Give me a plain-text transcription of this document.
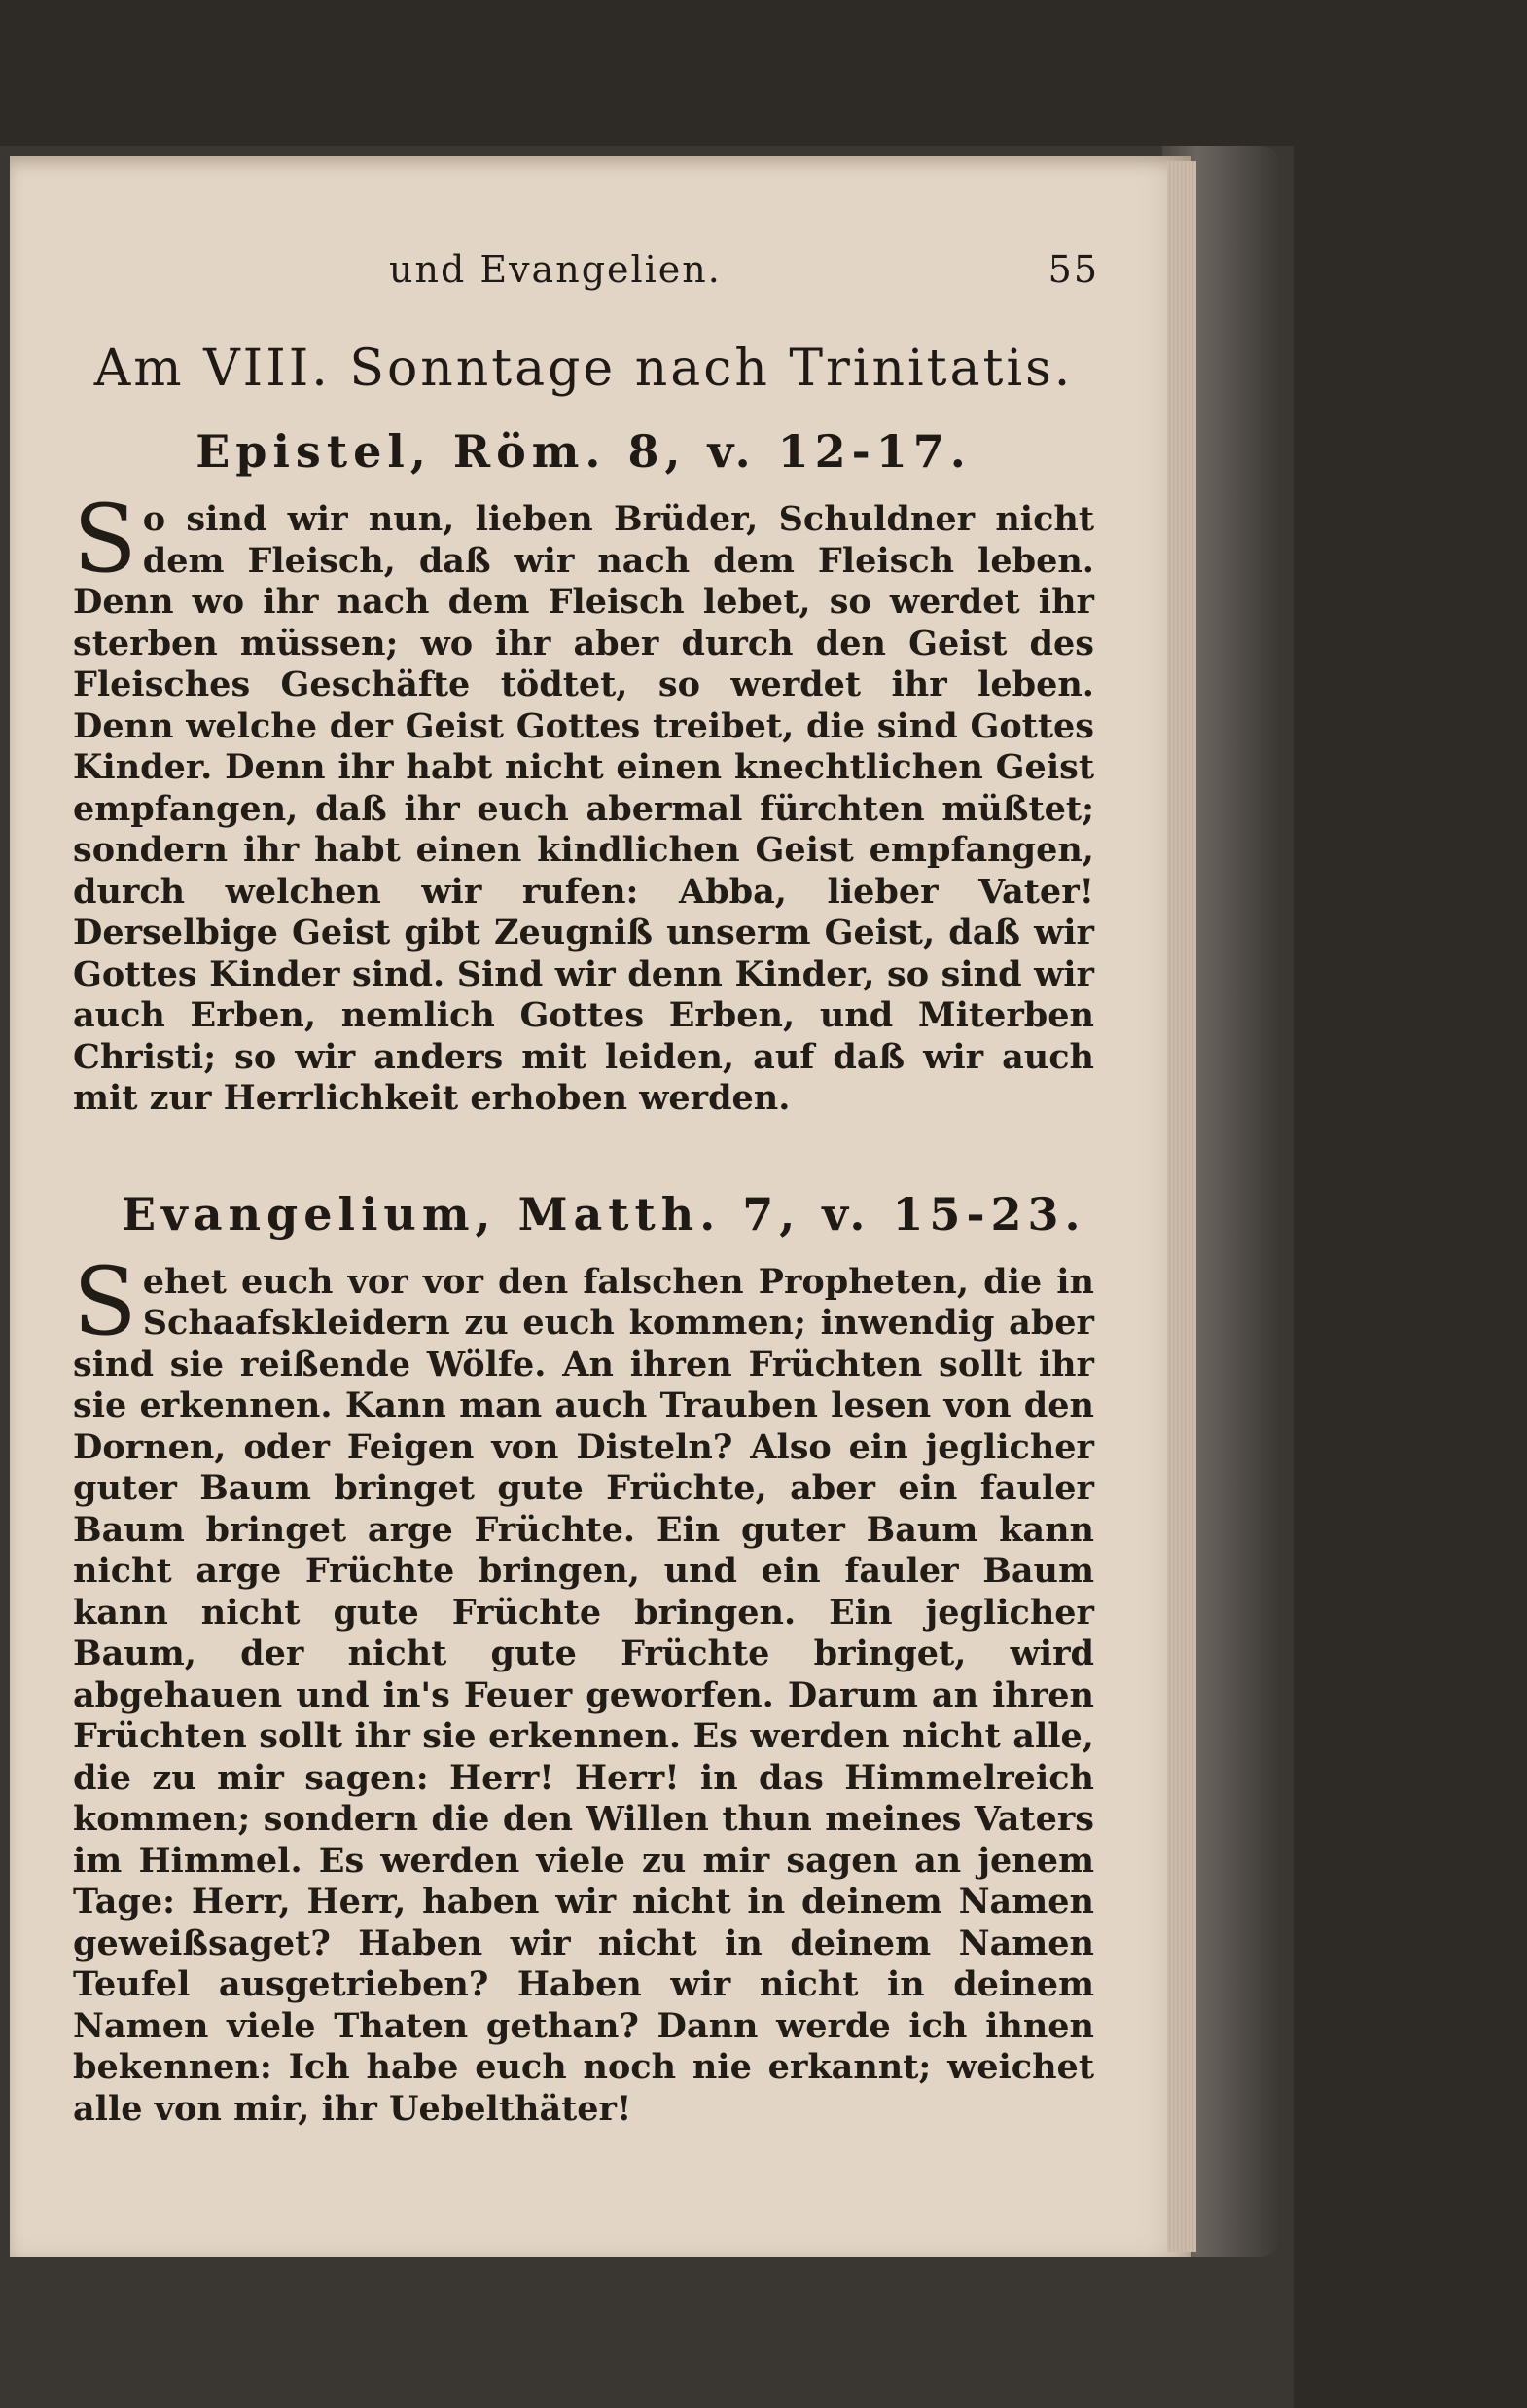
und Evangelien.	55
Am VIII. Sonntage nach Trinitatis.
Epistel, Röm. 8, v. 12-17.
So sind wir nun, lieben Brüder, Schuldner nicht dem Fleisch, daß wir nach dem Fleisch leben. Denn wo ihr nach dem Fleisch lebet, so werdet ihr sterben müssen; wo ihr aber durch den Geist des Fleisches Geschäfte tödtet, so werdet ihr leben. Denn welche der Geist Gottes treibet, die sind Gottes Kinder. Denn ihr habt nicht einen knechtlichen Geist empfangen, daß ihr euch abermal fürchten müßtet; sondern ihr habt einen kindlichen Geist empfangen, durch welchen wir rufen: Abba, lieber Vater! Derselbige Geist gibt Zeugniß unserm Geist, daß wir Gottes Kinder sind. Sind wir denn Kinder, so sind wir auch Erben, nemlich Gottes Erben, und Miterben Christi; so wir anders mit leiden, auf daß wir auch mit zur Herrlichkeit erhoben werden.
Evangelium, Matth. 7, v. 15-23.
Sehet euch vor vor den falschen Propheten, die in Schaafskleidern zu euch kommen; inwendig aber sind sie reißende Wölfe. An ihren Früchten sollt ihr sie erkennen. Kann man auch Trauben lesen von den Dornen, oder Feigen von Disteln? Also ein jeglicher guter Baum bringet gute Früchte, aber ein fauler Baum bringet arge Früchte. Ein guter Baum kann nicht arge Früchte bringen, und ein fauler Baum kann nicht gute Früchte bringen. Ein jeglicher Baum, der nicht gute Früchte bringet, wird abgehauen und in's Feuer geworfen. Darum an ihren Früchten sollt ihr sie erkennen. Es werden nicht alle, die zu mir sagen: Herr! Herr! in das Himmelreich kommen; sondern die den Willen thun meines Vaters im Himmel. Es werden viele zu mir sagen an jenem Tage: Herr, Herr, haben wir nicht in deinem Namen geweißsaget? Haben wir nicht in deinem Namen Teufel ausgetrieben? Haben wir nicht in deinem Namen viele Thaten gethan? Dann werde ich ihnen bekennen: Ich habe euch noch nie erkannt; weichet alle von mir, ihr Uebelthäter!
